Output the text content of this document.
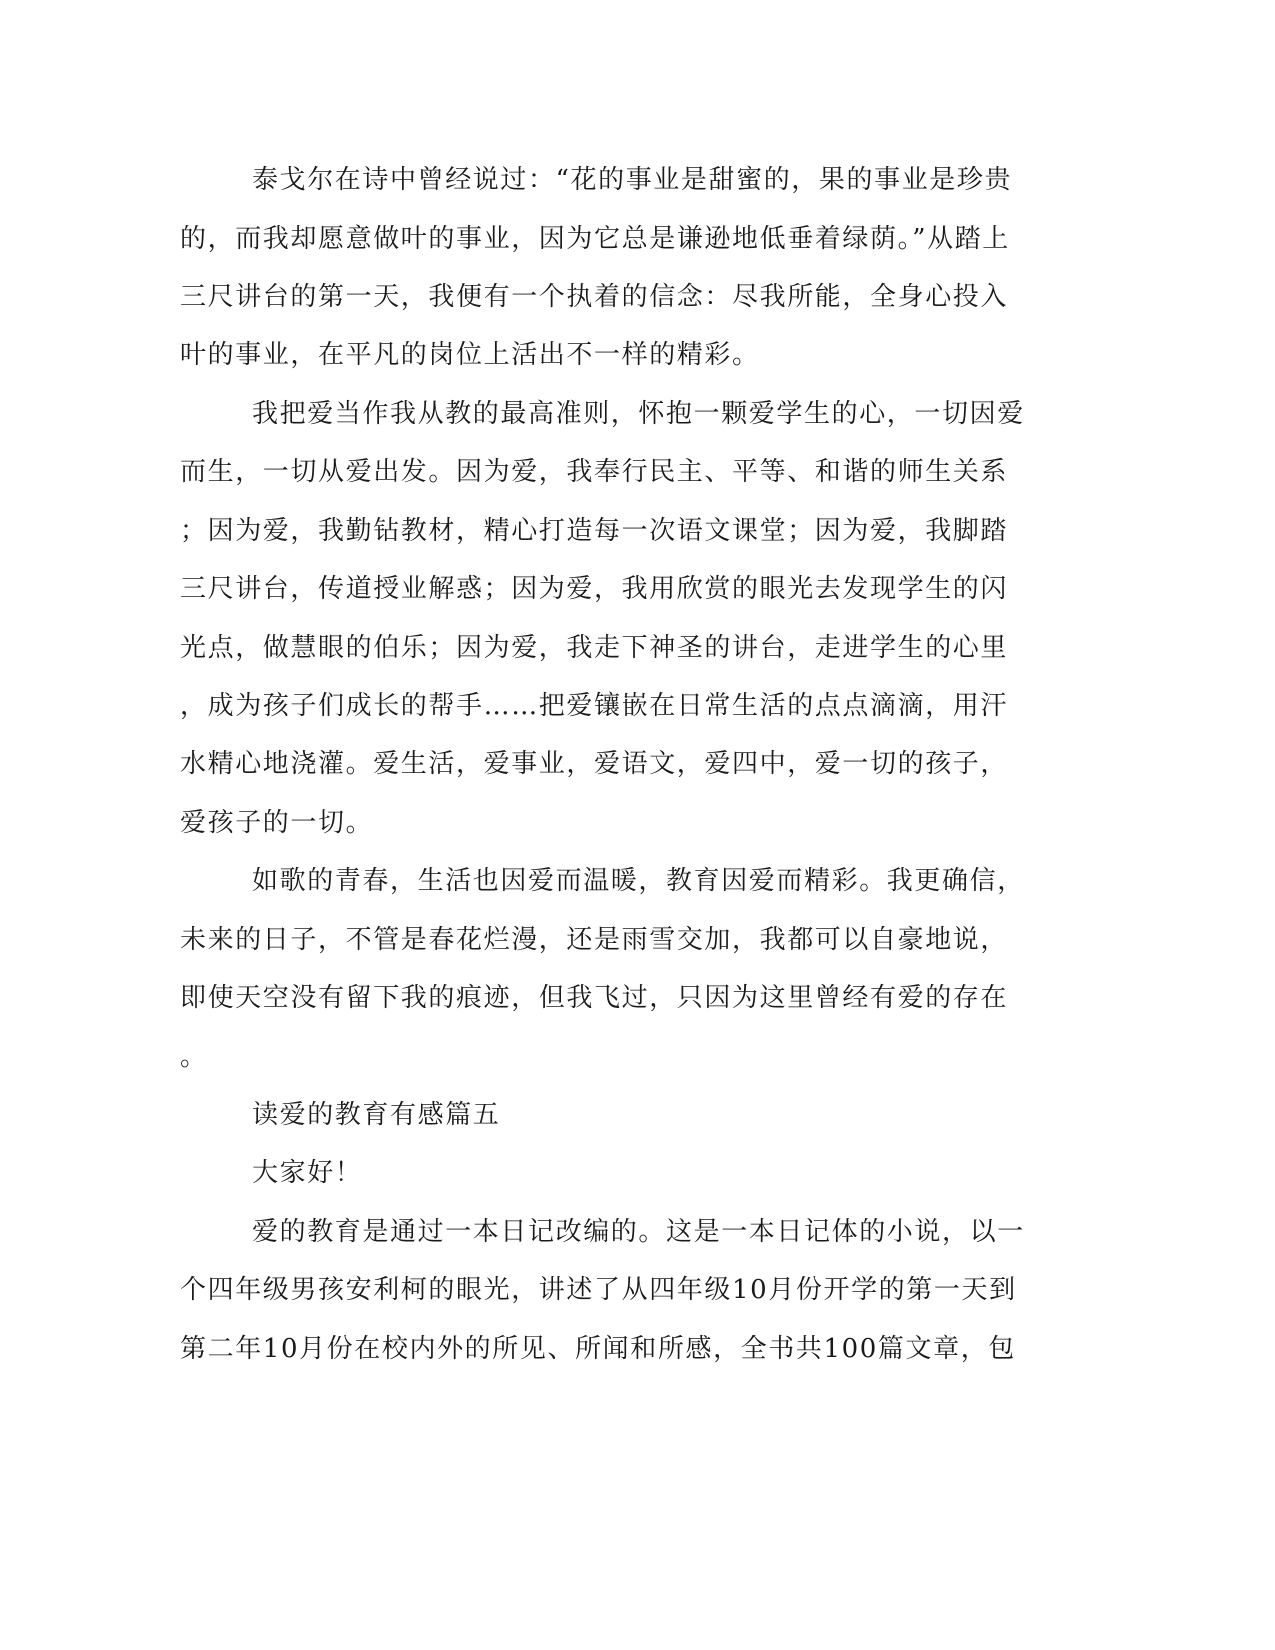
泰戈尔在诗中曾经说过：“花的事业是甜蜜的，果的事业是珍贵

的，而我却愿意做叶的事业，因为它总是谦逊地低垂着绿荫。”从踏上

三尺讲台的第一天，我便有一个执着的信念：尽我所能，全身心投入

叶的事业，在平凡的岗位上活出不一样的精彩。

我把爱当作我从教的最高准则，怀抱一颗爱学生的心，一切因爱

而生，一切从爱出发。因为爱，我奉行民主、平等、和谐的师生关系

；因为爱，我勤钻教材，精心打造每一次语文课堂；因为爱，我脚踏

三尺讲台，传道授业解惑；因为爱，我用欣赏的眼光去发现学生的闪

光点，做慧眼的伯乐；因为爱，我走下神圣的讲台，走进学生的心里

，成为孩子们成长的帮手……把爱镶嵌在日常生活的点点滴滴，用汗

水精心地浇灌。爱生活，爱事业，爱语文，爱四中，爱一切的孩子，

爱孩子的一切。

如歌的青春，生活也因爱而温暖，教育因爱而精彩。我更确信，

未来的日子，不管是春花烂漫，还是雨雪交加，我都可以自豪地说，

即使天空没有留下我的痕迹，但我飞过，只因为这里曾经有爱的存在

。

读爱的教育有感篇五

大家好！

爱的教育是通过一本日记改编的。这是一本日记体的小说，以一

个四年级男孩安利柯的眼光，讲述了从四年级10月份开学的第一天到

第二年10月份在校内外的所见、所闻和所感，全书共100篇文章，包
